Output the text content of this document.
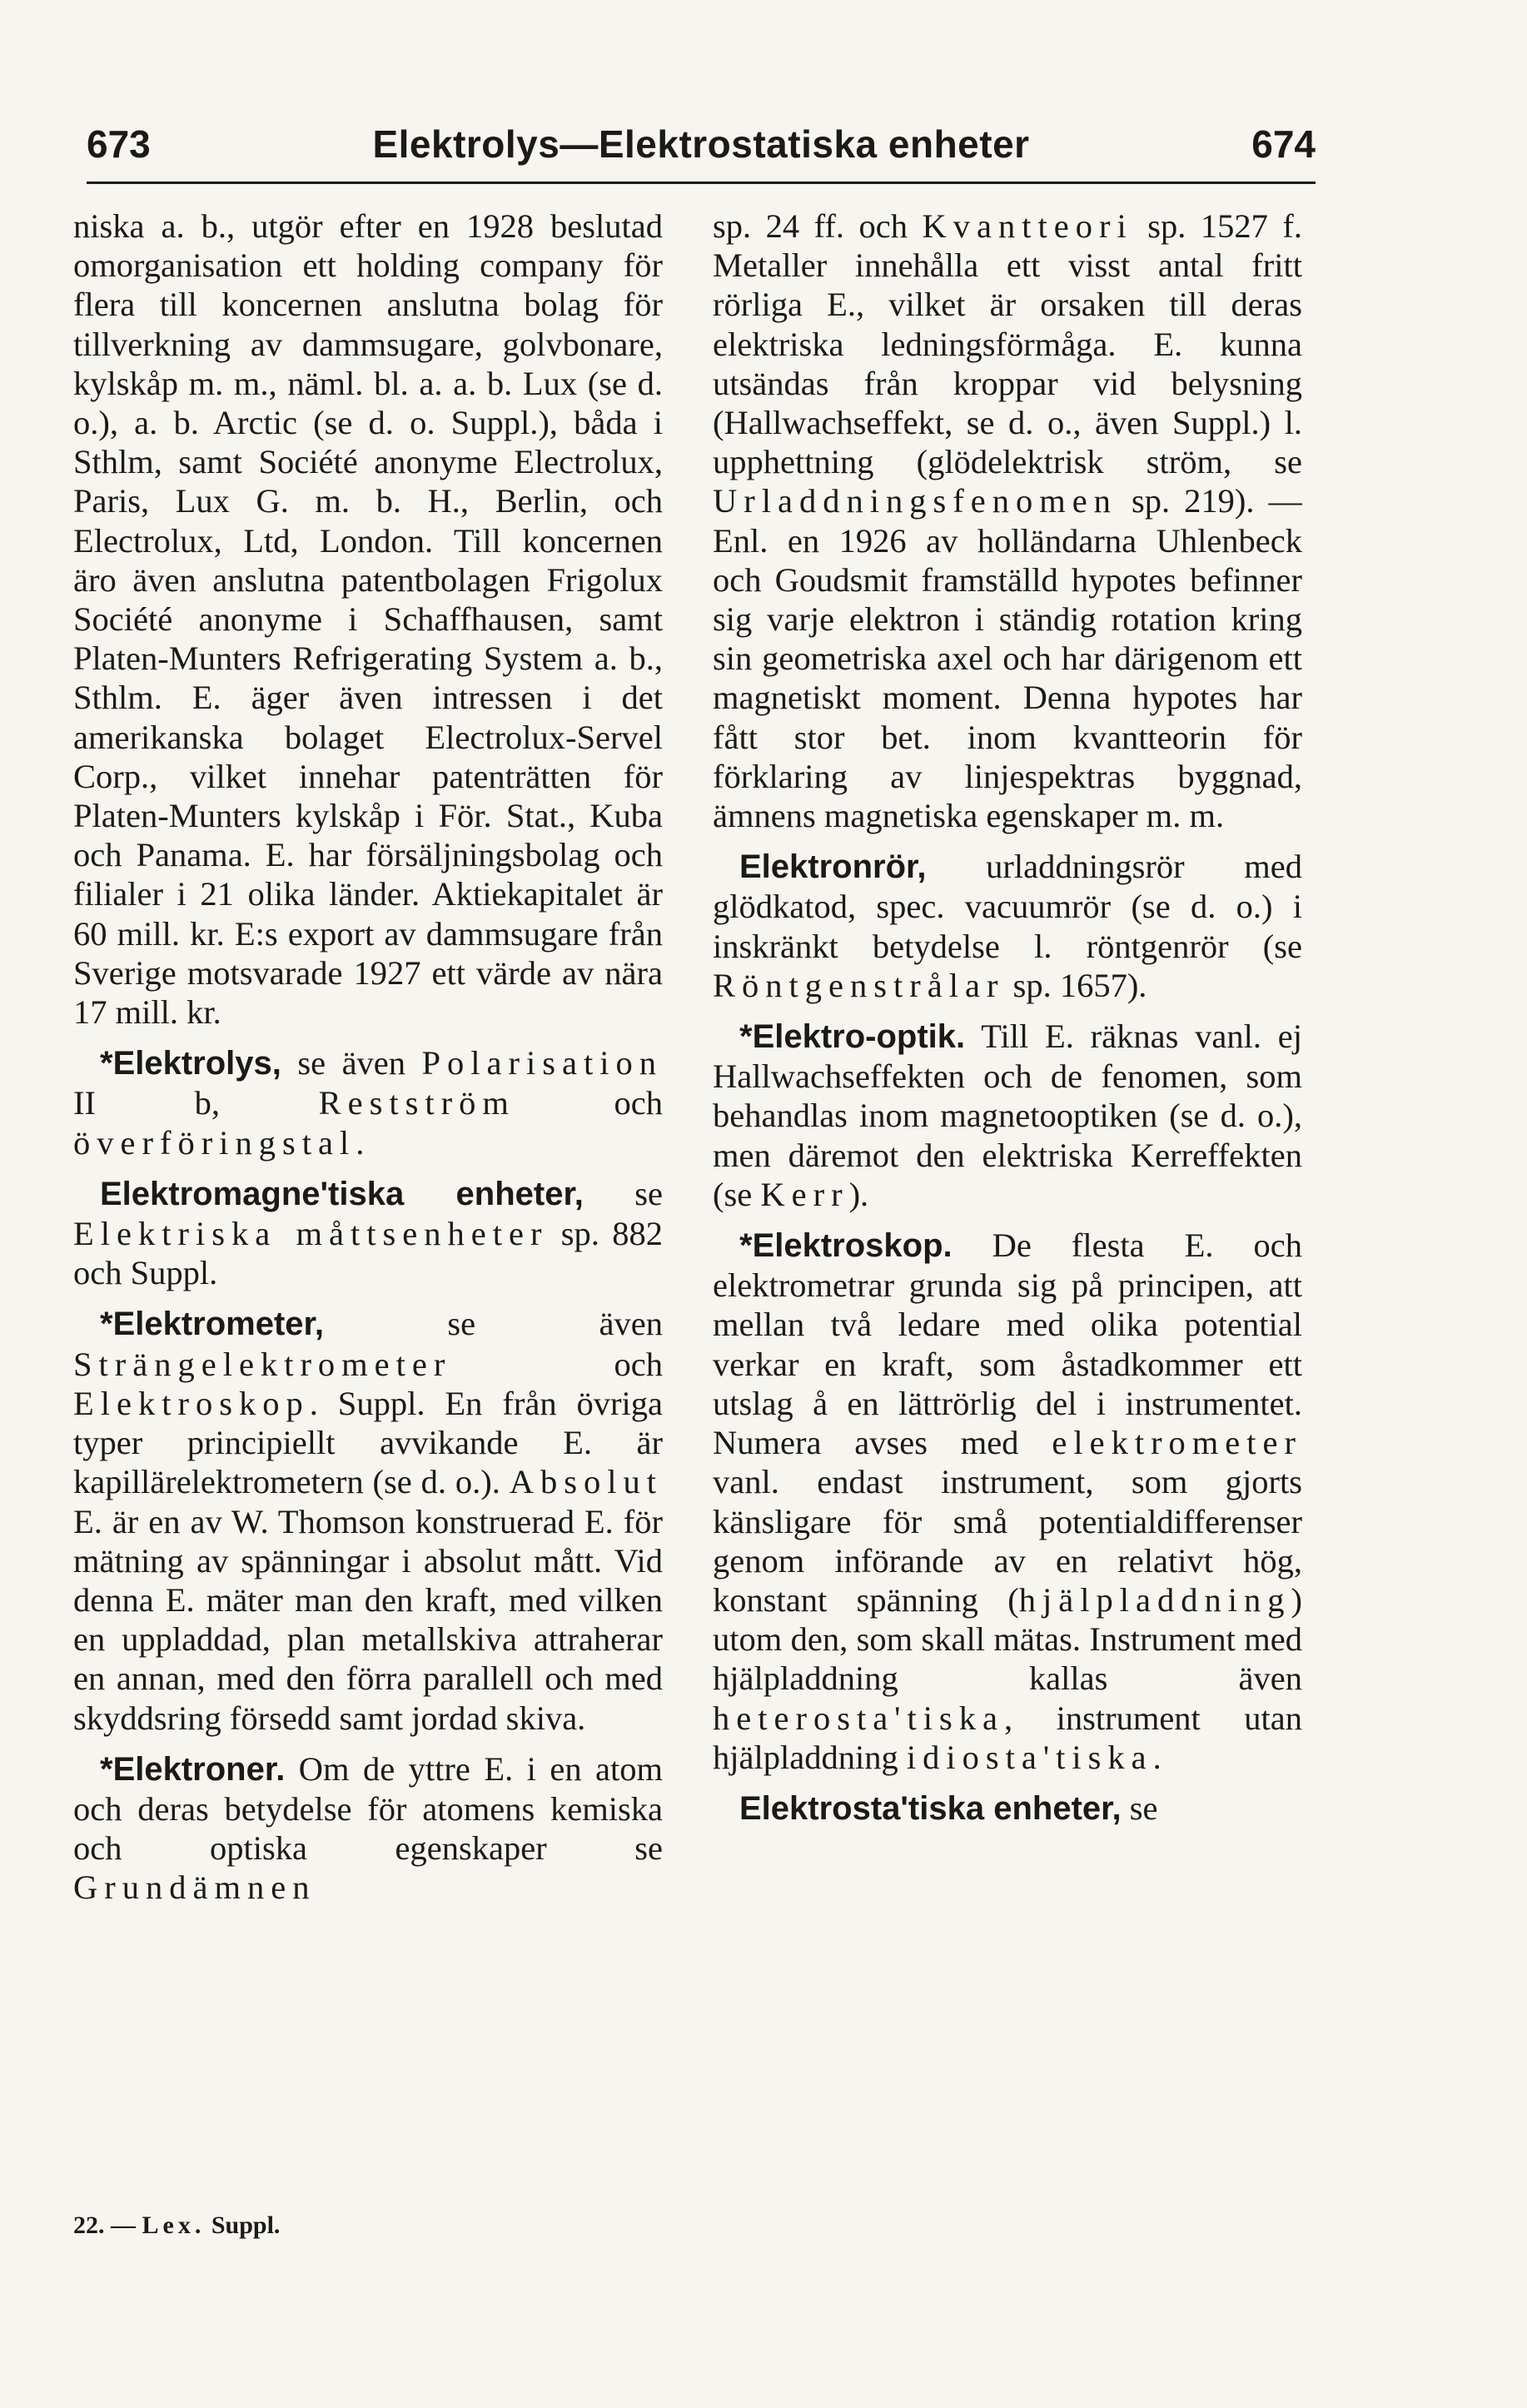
673	Elektrolys—Elektrostatiska enheter	674

niska a. b., utgör efter en 1928 beslutad omorganisation ett holding company för flera till koncernen anslutna bolag för tillverkning av dammsugare, golvbonare, kylskåp m. m., näml. bl. a. a. b. Lux (se d. o.), a. b. Arctic (se d. o. Suppl.), båda i Sthlm, samt Société anonyme Electrolux, Paris, Lux G. m. b. H., Berlin, och Electrolux, Ltd, London. Till koncernen äro även anslutna patentbolagen Frigolux Société anonyme i Schaffhausen, samt Platen-Munters Refrigerating System a. b., Sthlm. E. äger även intressen i det amerikanska bolaget Electrolux-Servel Corp., vilket innehar patenträtten för Platen-Munters kylskåp i För. Stat., Kuba och Panama. E. har försäljningsbolag och filialer i 21 olika länder. Aktiekapitalet är 60 mill. kr. E:s export av dammsugare från Sverige motsvarade 1927 ett värde av nära 17 mill. kr.

*Elektrolys, se även Polarisation II b, Restström och överföringstal.

Elektromagne'tiska enheter, se Elektriska måttsenheter sp. 882 och Suppl.

*Elektrometer, se även Strängelektrometer och Elektroskop. Suppl. En från övriga typer principiellt avvikande E. är kapillärelektrometern (se d. o.). Absolut E. är en av W. Thomson konstruerad E. för mätning av spänningar i absolut mått. Vid denna E. mäter man den kraft, med vilken en uppladdad, plan metallskiva attraherar en annan, med den förra parallell och med skyddsring försedd samt jordad skiva.

*Elektroner. Om de yttre E. i en atom och deras betydelse för atomens kemiska och optiska egenskaper se Grundämnen

sp. 24 ff. och Kvantteori sp. 1527 f. Metaller innehålla ett visst antal fritt rörliga E., vilket är orsaken till deras elektriska ledningsförmåga. E. kunna utsändas från kroppar vid belysning (Hallwachseffekt, se d. o., även Suppl.) l. upphettning (glödelektrisk ström, se Urladdningsfenomen sp. 219). — Enl. en 1926 av holländarna Uhlenbeck och Goudsmit framställd hypotes befinner sig varje elektron i ständig rotation kring sin geometriska axel och har därigenom ett magnetiskt moment. Denna hypotes har fått stor bet. inom kvantteorin för förklaring av linjespektras byggnad, ämnens magnetiska egenskaper m. m.

Elektronrör, urladdningsrör med glödkatod, spec. vacuumrör (se d. o.) i inskränkt betydelse l. röntgenrör (se Röntgenstrålar sp. 1657).

*Elektro-optik. Till E. räknas vanl. ej Hallwachseffekten och de fenomen, som behandlas inom magnetooptiken (se d. o.), men däremot den elektriska Kerreffekten (se Kerr).

*Elektroskop. De flesta E. och elektrometrar grunda sig på principen, att mellan två ledare med olika potential verkar en kraft, som åstadkommer ett utslag å en lättrörlig del i instrumentet. Numera avses med elektrometer vanl. endast instrument, som gjorts känsligare för små potentialdifferenser genom införande av en relativt hög, konstant spänning (hjälpladdning) utom den, som skall mätas. Instrument med hjälpladdning kallas även heterosta'tiska, instrument utan hjälpladdning idiosta'tiska.

Elektrosta'tiska enheter, se

22. — Lex. Suppl.
